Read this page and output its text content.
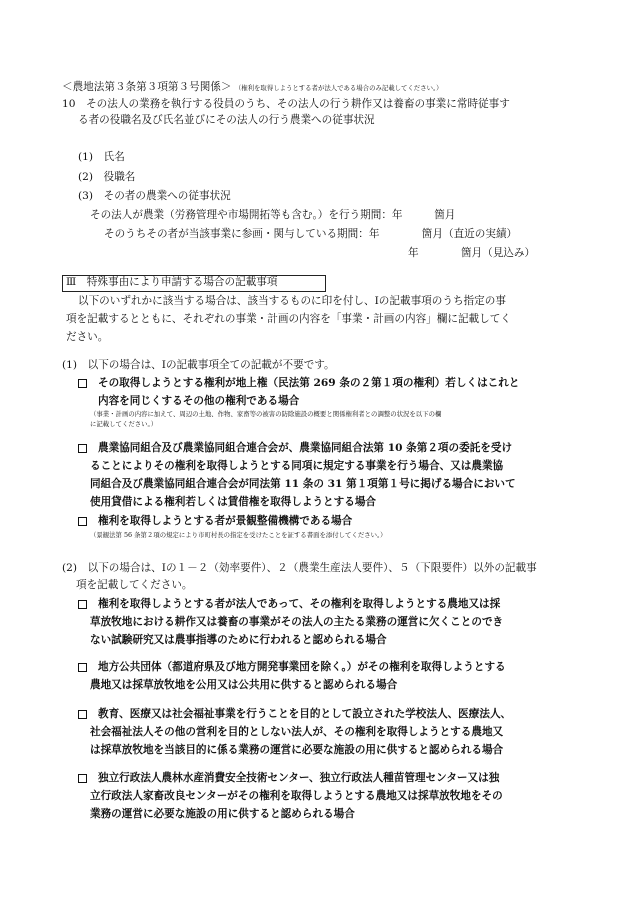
＜農地法第３条第３項第３号関係＞ （権利を取得しようとする者が法人である場合のみ記載してください。）
10　その法人の業務を執行する役員のうち、その法人の行う耕作又は養畜の事業に常時従事す
る者の役職名及び氏名並びにその法人の行う農業への従事状況
(1)　氏名
(2)　役職名
(3)　その者の農業への従事状況
その法人が農業（労務管理や市場開拓等も含む。）を行う期間：年　　　箇月
そのうちその者が当該事業に参画・関与している期間：年　　　　箇月（直近の実績）
年　　　　箇月（見込み）
Ⅲ　特殊事由により申請する場合の記載事項
以下のいずれかに該当する場合は、該当するものに印を付し、Ⅰの記載事項のうち指定の事
項を記載するとともに、それぞれの事業・計画の内容を「事業・計画の内容」欄に記載してく
ださい。
(1)　以下の場合は、Ⅰの記載事項全ての記載が不要です。
その取得しようとする権利が地上権（民法第 269 条の２第１項の権利）若しくはこれと
内容を同じくするその他の権利である場合
（事業・計画の内容に加えて、周辺の土地、作物、家畜等の被害の防除施設の概要と関係権利者との調整の状況を以下の欄
に記載してください。）
農業協同組合及び農業協同組合連合会が、農業協同組合法第 10 条第２項の委託を受け
ることによりその権利を取得しようとする同項に規定する事業を行う場合、又は農業協
同組合及び農業協同組合連合会が同法第 11 条の 31 第１項第１号に掲げる場合において
使用貸借による権利若しくは賃借権を取得しようとする場合
権利を取得しようとする者が景観整備機構である場合
（景観法第 56 条第２項の規定により市町村長の指定を受けたことを証する書面を添付してください。）
(2)　以下の場合は、Ⅰの１－２（効率要件）、２（農業生産法人要件）、５（下限要件）以外の記載事
項を記載してください。
権利を取得しようとする者が法人であって、その権利を取得しようとする農地又は採
草放牧地における耕作又は養畜の事業がその法人の主たる業務の運営に欠くことのでき
ない試験研究又は農事指導のために行われると認められる場合
地方公共団体（都道府県及び地方開発事業団を除く。）がその権利を取得しようとする
農地又は採草放牧地を公用又は公共用に供すると認められる場合
教育、医療又は社会福祉事業を行うことを目的として設立された学校法人、医療法人、
社会福祉法人その他の営利を目的としない法人が、その権利を取得しようとする農地又
は採草放牧地を当該目的に係る業務の運営に必要な施設の用に供すると認められる場合
独立行政法人農林水産消費安全技術センター、独立行政法人種苗管理センター又は独
立行政法人家畜改良センターがその権利を取得しようとする農地又は採草放牧地をその
業務の運営に必要な施設の用に供すると認められる場合
